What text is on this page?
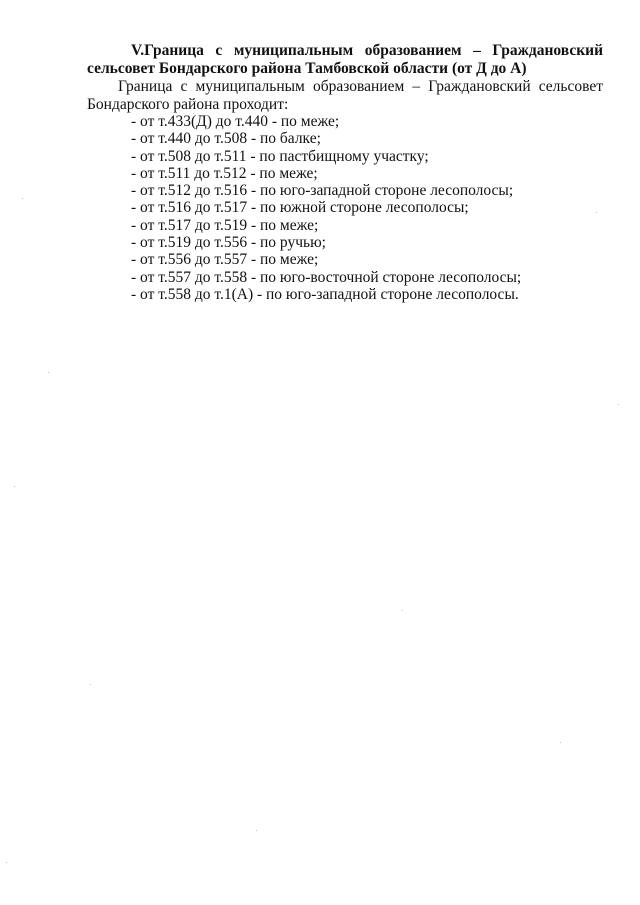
V.Граница с муниципальным образованием – Граждановский
сельсовет Бондарского района Тамбовской области (от Д до А)

Граница с муниципальным образованием – Граждановский сельсовет
Бондарского района проходит:

- от т.433(Д) до т.440 - по меже;
- от т.440 до т.508 - по балке;
- от т.508 до т.511 - по пастбищному участку;
- от т.511 до т.512 - по меже;
- от т.512 до т.516 - по юго-западной стороне лесополосы;
- от т.516 до т.517 - по южной стороне лесополосы;
- от т.517 до т.519 - по меже;
- от т.519 до т.556 - по ручью;
- от т.556 до т.557 - по меже;
- от т.557 до т.558 - по юго-восточной стороне лесополосы;
- от т.558 до т.1(А) - по юго-западной стороне лесополосы.
